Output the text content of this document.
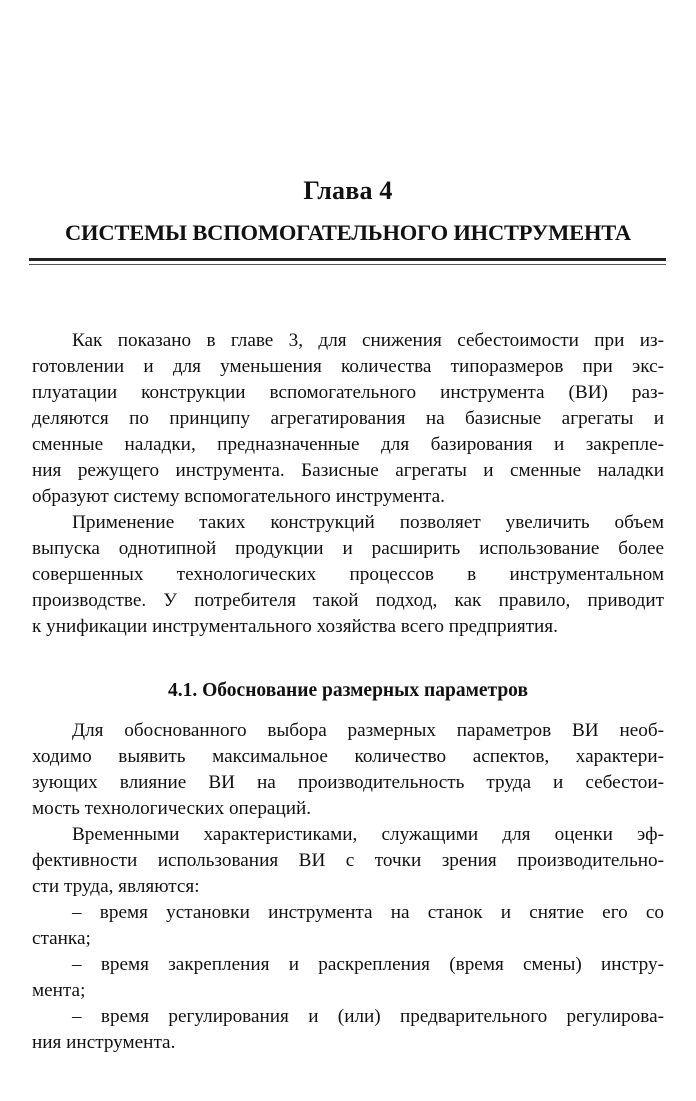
Глава 4
СИСТЕМЫ ВСПОМОГАТЕЛЬНОГО ИНСТРУМЕНТА

Как показано в главе 3, для снижения себестоимости при из-
готовлении и для уменьшения количества типоразмеров при экс-
плуатации конструкции вспомогательного инструмента (ВИ) раз-
деляются по принципу агрегатирования на базисные агрегаты и
сменные наладки, предназначенные для базирования и закрепле-
ния режущего инструмента. Базисные агрегаты и сменные наладки
образуют систему вспомогательного инструмента.

Применение таких конструкций позволяет увеличить объем
выпуска однотипной продукции и расширить использование более
совершенных технологических процессов в инструментальном
производстве. У потребителя такой подход, как правило, приводит
к унификации инструментального хозяйства всего предприятия.

4.1. Обоснование размерных параметров

Для обоснованного выбора размерных параметров ВИ необ-
ходимо выявить максимальное количество аспектов, характери-
зующих влияние ВИ на производительность труда и себестои-
мость технологических операций.

Временными характеристиками, служащими для оценки эф-
фективности использования ВИ с точки зрения производительно-
сти труда, являются:

– время установки инструмента на станок и снятие его со
станка;

– время закрепления и раскрепления (время смены) инстру-
мента;

– время регулирования и (или) предварительного регулирова-
ния инструмента.
